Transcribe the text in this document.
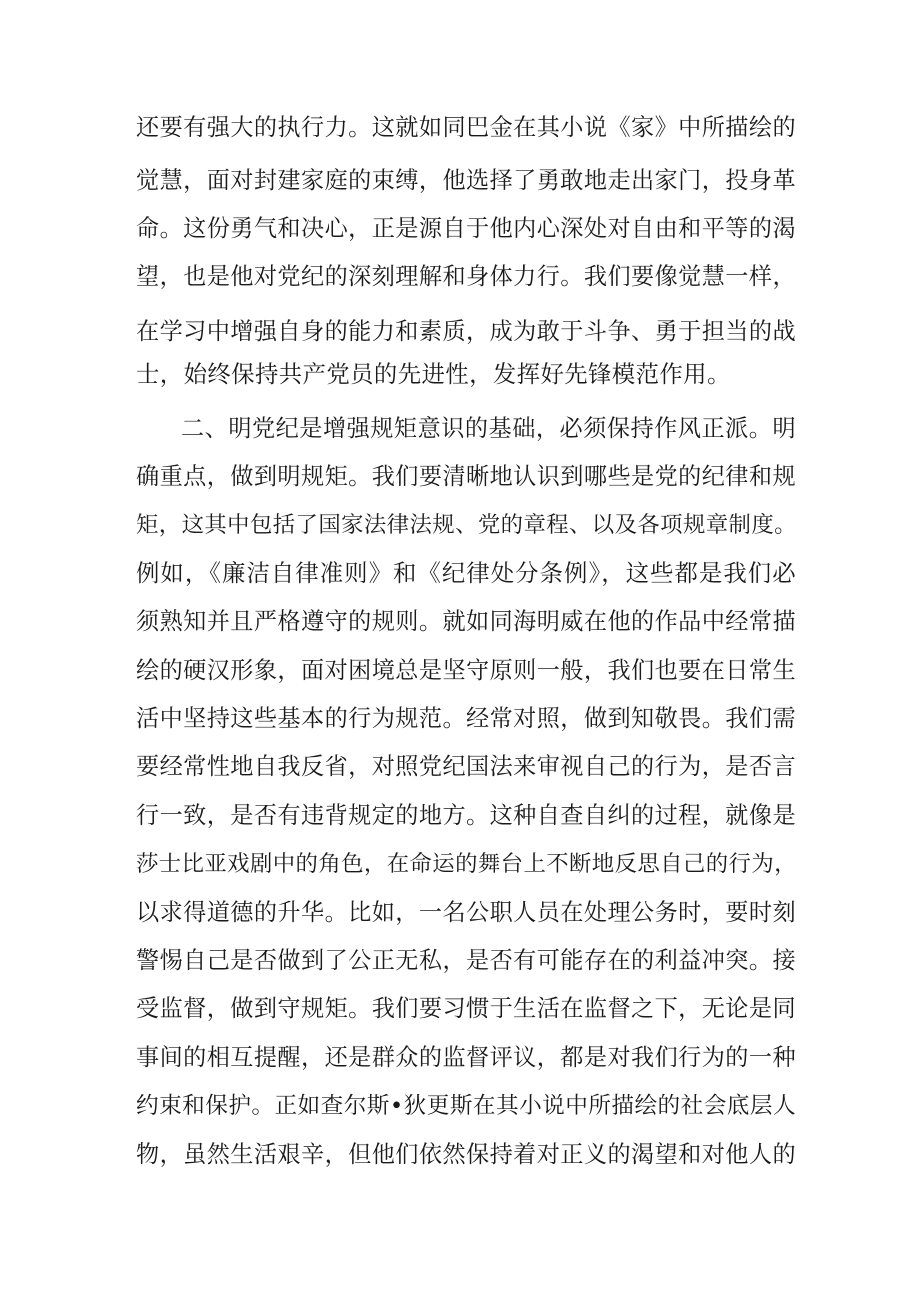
还要有强大的执行力。这就如同巴金在其小说《家》中所描绘的
觉慧，面对封建家庭的束缚，他选择了勇敢地走出家门，投身革
命。这份勇气和决心，正是源自于他内心深处对自由和平等的渴
望，也是他对党纪的深刻理解和身体力行。我们要像觉慧一样，
在学习中增强自身的能力和素质，成为敢于斗争、勇于担当的战
士，始终保持共产党员的先进性，发挥好先锋模范作用。
二、明党纪是增强规矩意识的基础，必须保持作风正派。明
确重点，做到明规矩。我们要清晰地认识到哪些是党的纪律和规
矩，这其中包括了国家法律法规、党的章程、以及各项规章制度。
例如，《廉洁自律准则》和《纪律处分条例》，这些都是我们必
须熟知并且严格遵守的规则。就如同海明威在他的作品中经常描
绘的硬汉形象，面对困境总是坚守原则一般，我们也要在日常生
活中坚持这些基本的行为规范。经常对照，做到知敬畏。我们需
要经常性地自我反省，对照党纪国法来审视自己的行为，是否言
行一致，是否有违背规定的地方。这种自查自纠的过程，就像是
莎士比亚戏剧中的角色，在命运的舞台上不断地反思自己的行为，
以求得道德的升华。比如，一名公职人员在处理公务时，要时刻
警惕自己是否做到了公正无私，是否有可能存在的利益冲突。接
受监督，做到守规矩。我们要习惯于生活在监督之下，无论是同
事间的相互提醒，还是群众的监督评议，都是对我们行为的一种
约束和保护。正如查尔斯•狄更斯在其小说中所描绘的社会底层人
物，虽然生活艰辛，但他们依然保持着对正义的渴望和对他人的
